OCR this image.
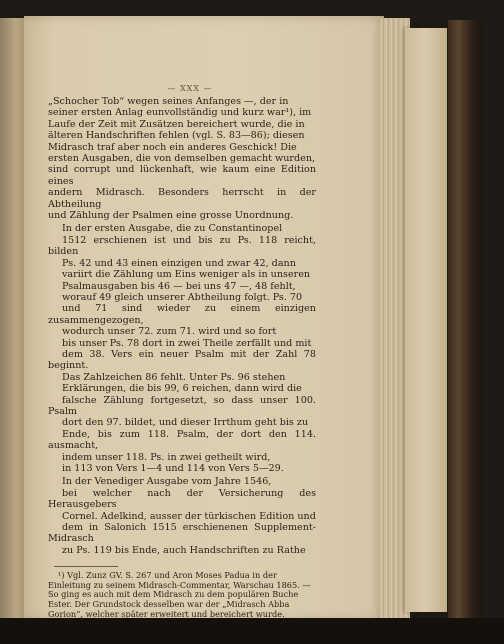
— XXX —
„Schocher Tob“ wegen seines Anfanges —, der in
seiner ersten Anlag eunvollständig und kurz war¹), im
Laufe der Zeit mit Zusätzen bereichert wurde, die in
älteren Handschriften fehlen (vgl. S. 83—86); diesen
Midrasch traf aber noch ein anderes Geschick! Die
ersten Ausgaben, die von demselben gemacht wurden,
sind corrupt und lückenhaft, wie kaum eine Edition eines
andern Midrasch. Besonders herrscht in der Abtheilung
und Zählung der Psalmen eine grosse Unordnung.
In der ersten Ausgabe, die zu Constantinopel
1512 erschienen ist und bis zu Ps. 118 reicht, bilden
Ps. 42 und 43 einen einzigen und zwar 42, dann
variirt die Zählung um Eins weniger als in unseren
Psalmausgaben bis 46 — bei uns 47 —, 48 fehlt,
worauf 49 gleich unserer Abtheilung folgt. Ps. 70
und 71 sind wieder zu einem einzigen zusammengezogen,
wodurch unser 72. zum 71. wird und so fort
bis unser Ps. 78 dort in zwei Theile zerfällt und mit
dem 38. Vers ein neuer Psalm mit der Zahl 78 beginnt.
Das Zahlzeichen 86 fehlt. Unter Ps. 96 stehen
Erklärungen, die bis 99, 6 reichen, dann wird die
falsche Zählung fortgesetzt, so dass unser 100. Psalm
dort den 97. bildet, und dieser Irrthum geht bis zu
Ende, bis zum 118. Psalm, der dort den 114. ausmacht,
indem unser 118. Ps. in zwei getheilt wird,
in 113 von Vers 1—4 und 114 von Vers 5—29.
In der Venediger Ausgabe vom Jahre 1546,
bei welcher nach der Versicherung des Herausgebers
Cornel. Adelkind, ausser der türkischen Edition und
dem in Salonich 1515 erschienenen Supplement-Midrasch
zu Ps. 119 bis Ende, auch Handschriften zu Rathe
¹) Vgl. Zunz GV. S. 267 und Aron Moses Padua in der
Einleitung zu seinem Midrasch-Commentar, Warschau 1865. —
So ging es auch mit dem Midrasch zu dem populären Buche
Ester. Der Grundstock desselben war der „Midrasch Abba
Gorion“, welcher später erweitert und bereichert wurde.
